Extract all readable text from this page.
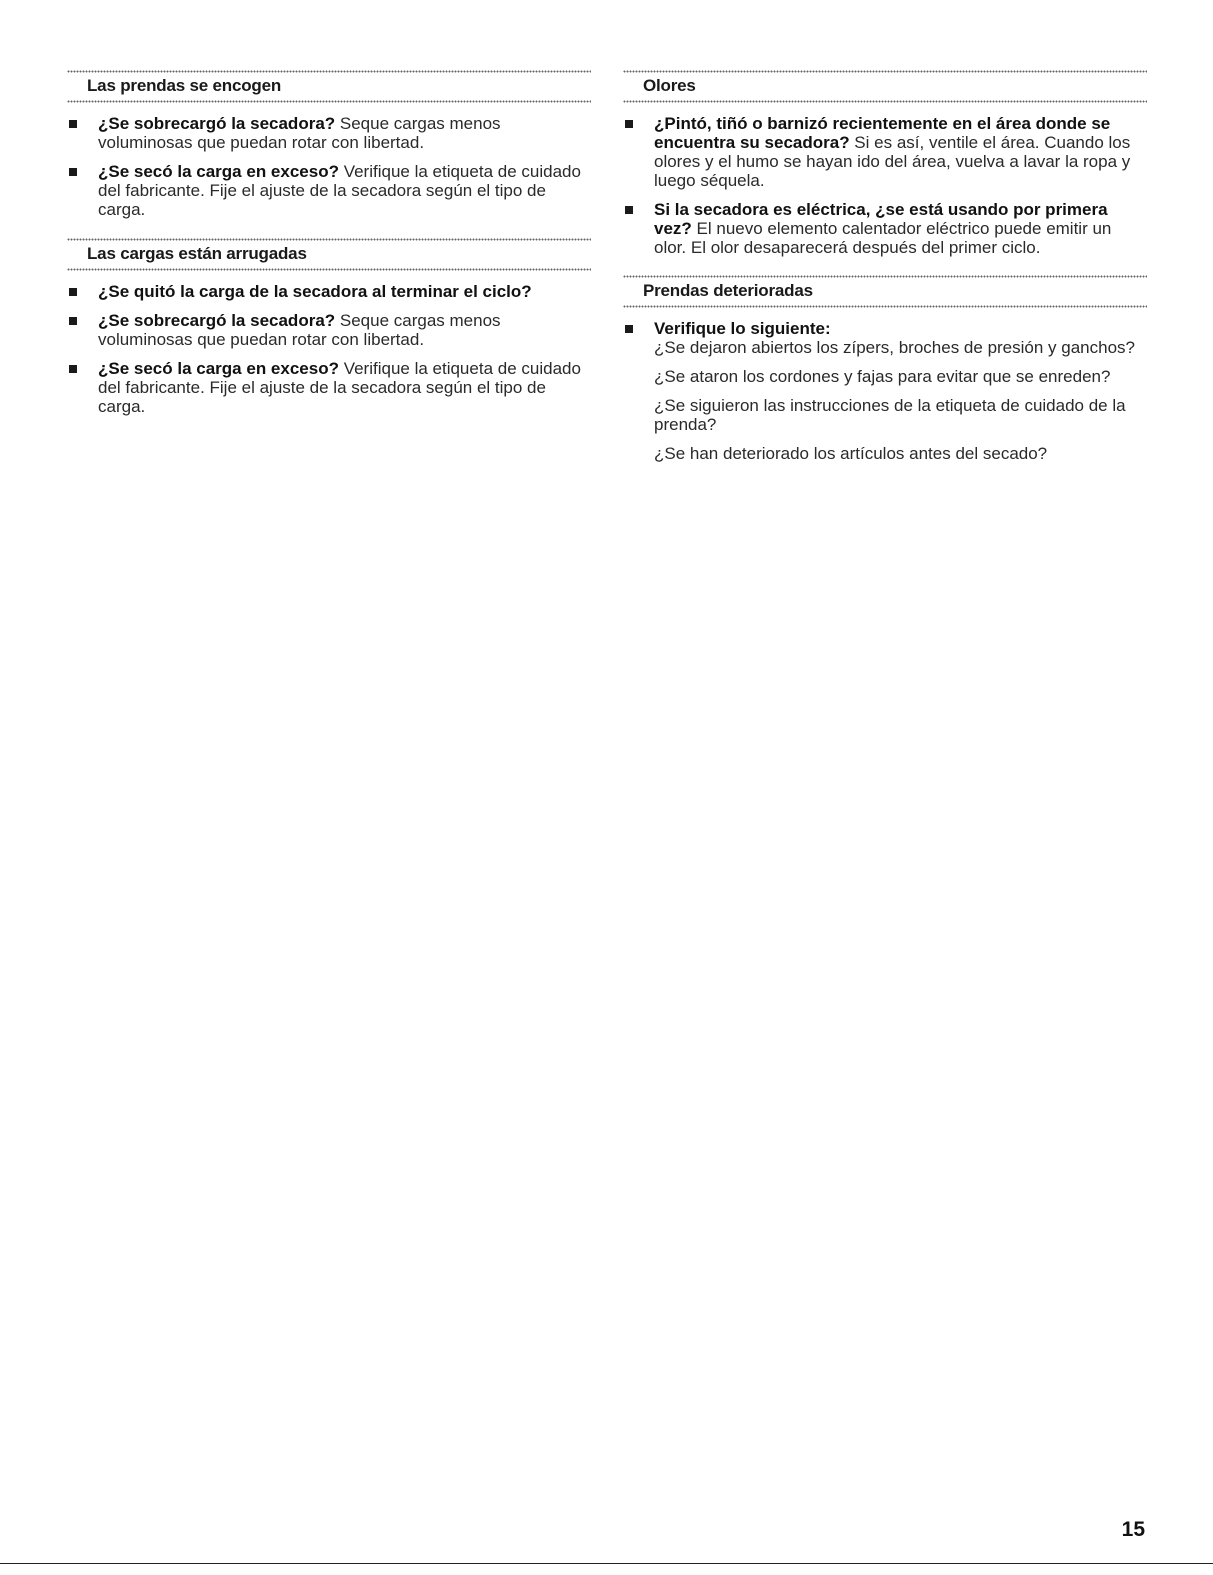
Las prendas se encogen
¿Se sobrecargó la secadora? Seque cargas menos voluminosas que puedan rotar con libertad.
¿Se secó la carga en exceso? Verifique la etiqueta de cuidado del fabricante. Fije el ajuste de la secadora según el tipo de carga.
Las cargas están arrugadas
¿Se quitó la carga de la secadora al terminar el ciclo?
¿Se sobrecargó la secadora? Seque cargas menos voluminosas que puedan rotar con libertad.
¿Se secó la carga en exceso? Verifique la etiqueta de cuidado del fabricante. Fije el ajuste de la secadora según el tipo de carga.
Olores
¿Pintó, tiñó o barnizó recientemente en el área donde se encuentra su secadora? Si es así, ventile el área. Cuando los olores y el humo se hayan ido del área, vuelva a lavar la ropa y luego séquela.
Si la secadora es eléctrica, ¿se está usando por primera vez? El nuevo elemento calentador eléctrico puede emitir un olor. El olor desaparecerá después del primer ciclo.
Prendas deterioradas
Verifique lo siguiente:
¿Se dejaron abiertos los zípers, broches de presión y ganchos?
¿Se ataron los cordones y fajas para evitar que se enreden?
¿Se siguieron las instrucciones de la etiqueta de cuidado de la prenda?
¿Se han deteriorado los artículos antes del secado?
15
